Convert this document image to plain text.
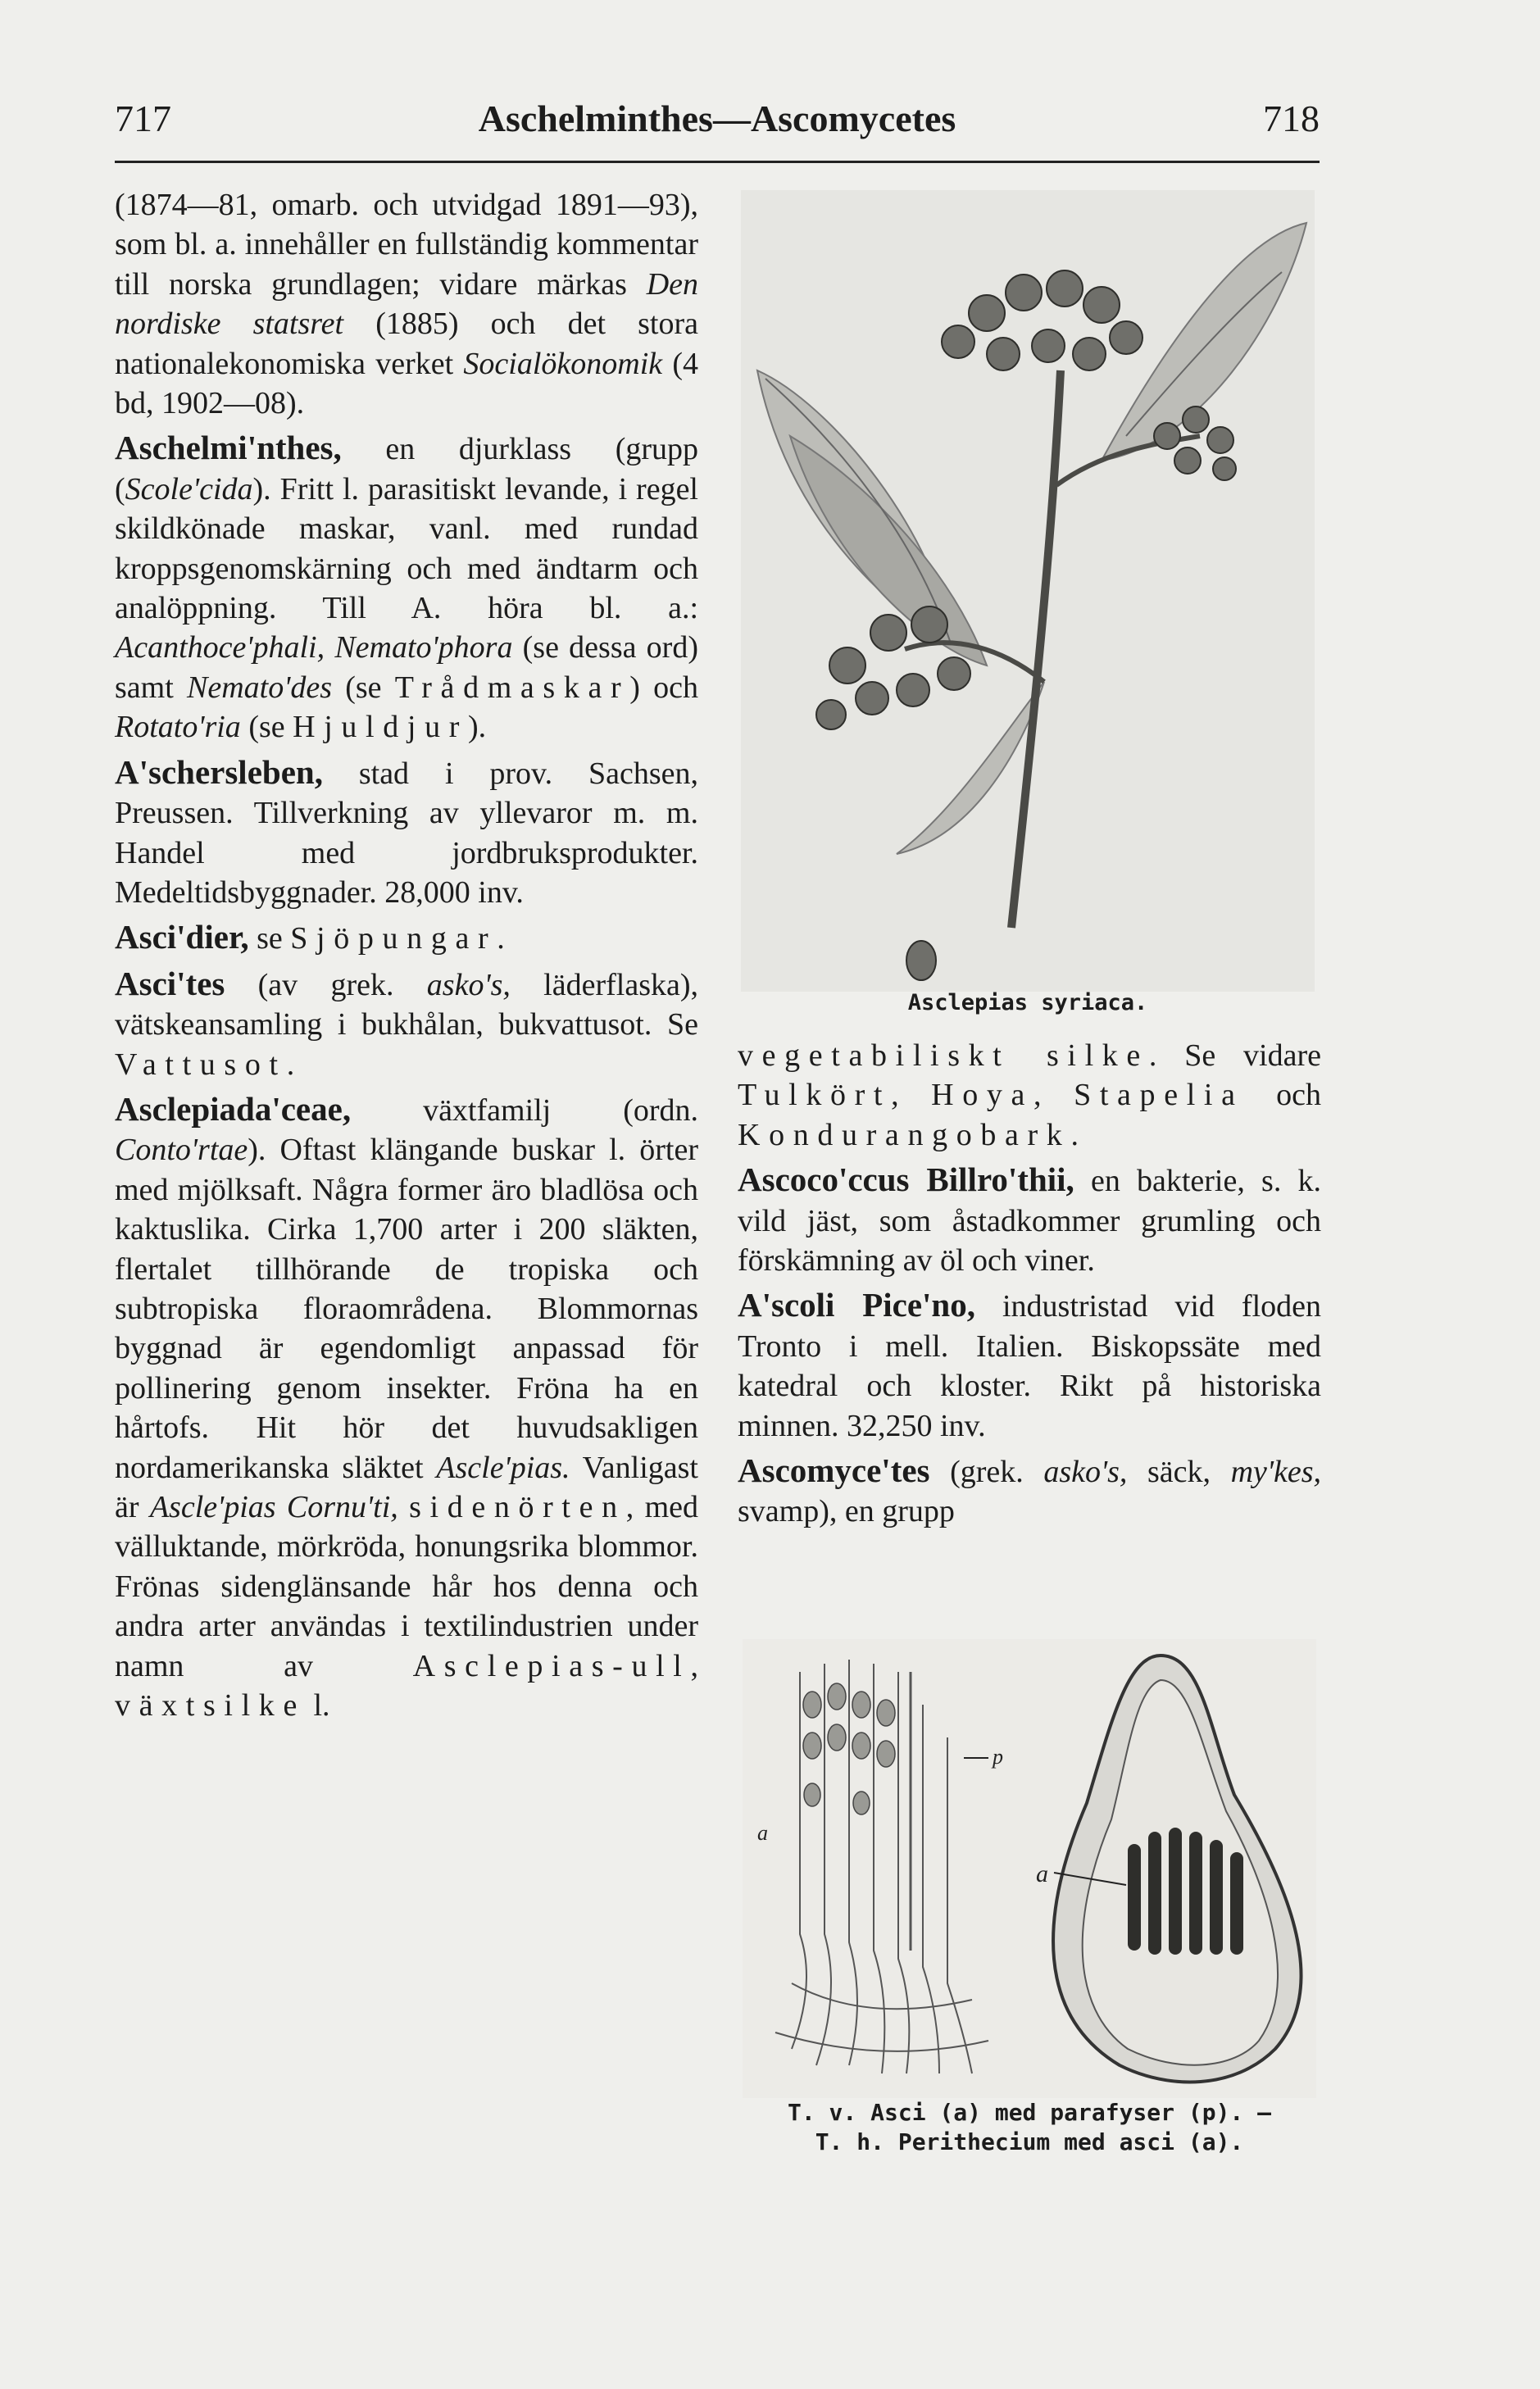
717	Aschelminthes—Ascomycetes	718

(1874—81, omarb. och utvidgad 1891—93), som bl. a. innehåller en fullständig kommentar till norska grundlagen; vidare märkas Den nordiske statsret (1885) och det stora nationalekonomiska verket Socialökonomik (4 bd, 1902—08).

Aschelmi'nthes, en djurklass (grupp (Scole'cida). Fritt l. parasitiskt levande, i regel skildkönade maskar, vanl. med rundad kroppsgenomskärning och med ändtarm och analöppning. Till A. höra bl. a.: Acanthoce'phali, Nemato'phora (se dessa ord) samt Nemato'des (se Trådmaskar) och Rotato'ria (se Hjuldjur).

A'schersleben, stad i prov. Sachsen, Preussen. Tillverkning av yllevaror m. m. Handel med jordbruksprodukter. Medeltidsbyggnader. 28,000 inv.

Asci'dier, se Sjöpungar.

Asci'tes (av grek. asko's, läderflaska), vätskeansamling i bukhålan, bukvattusot. Se Vattusot.

Asclepiada'ceae, växtfamilj (ordn. Conto'rtae). Oftast klängande buskar l. örter med mjölksaft. Några former äro bladlösa och kaktuslika. Cirka 1,700 arter i 200 släkten, flertalet tillhörande de tropiska och subtropiska floraområdena. Blommornas byggnad är egendomligt anpassad för pollinering genom insekter. Fröna ha en hårtofs. Hit hör det huvudsakligen nordamerikanska släktet Ascle'pias. Vanligast är Ascle'pias Cornu'ti, sidenörten, med välluktande, mörkröda, honungsrika blommor. Frönas sidenglänsande hår hos denna och andra arter användas i textilindustrien under namn av	Asclepias-ull, växtsilke l.

Asclepias syriaca.

vegetabiliskt silke. Se vidare Tulkört, Hoya, Stapelia och Kondurangobark.

Ascoco'ccus Billro'thii, en bakterie, s. k. vild jäst, som åstadkommer grumling och förskämning av öl och viner.

A'scoli Pice'no, industristad vid floden Tronto i mell. Italien. Biskopssäte med katedral och kloster. Rikt på historiska minnen. 32,250 inv.

Ascomyce'tes (grek. asko's, säck, my'kes, svamp), en grupp

a
p
a
T. v. Asci (a) med parafyser (p). —
T. h. Perithecium med asci (a).
